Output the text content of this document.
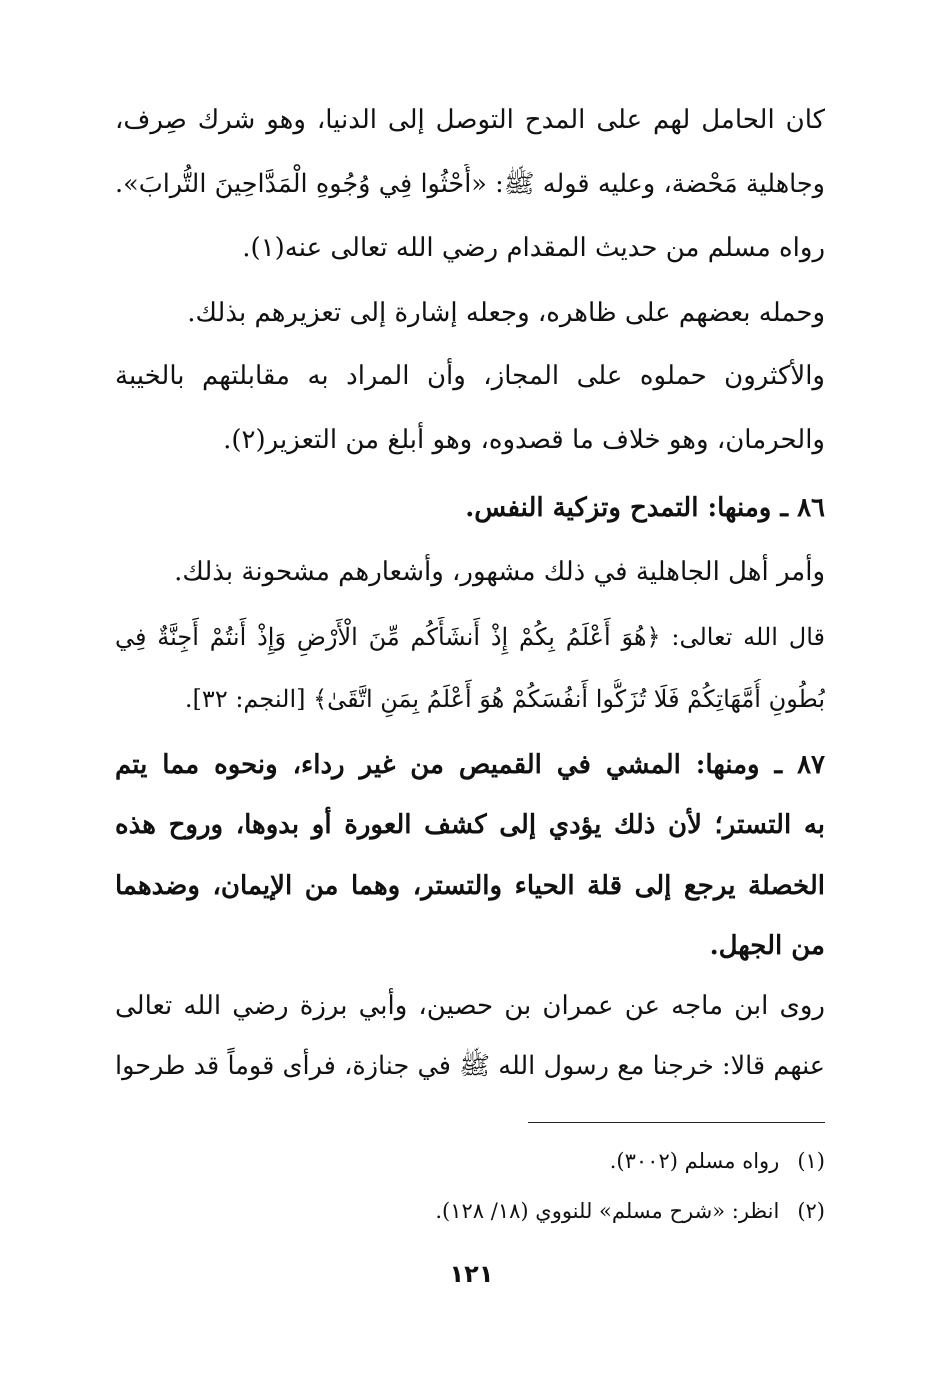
كان الحامل لهم على المدح التوصل إلى الدنيا، وهو شرك صِرف،
وجاهلية مَحْضة، وعليه قوله ﷺ: «أُحْثُوا فِي وُجُوهِ الْمَدَّاحِينَ التُّرابَ».
رواه مسلم من حديث المقدام رضي الله تعالى عنه(١).
وحمله بعضهم على ظاهره، وجعله إشارة إلى تعزيرهم بذلك.
والأكثرون حملوه على المجاز، وأن المراد به مقابلتهم بالخيبة
والحرمان، وهو خلاف ما قصدوه، وهو أبلغ من التعزير(٢).
٨٦ ـ ومنها: التمدح وتزكية النفس.
وأمر أهل الجاهلية في ذلك مشهور، وأشعارهم مشحونة بذلك.
قال الله تعالى: ﴿هُوَ أَعْلَمُ بِكُمْ إِذْ أَنشَأَكُم مِّنَ الْأَرْضِ وَإِذْ أَنتُمْ أَجِنَّةٌ فِي
بُطُونِ أُمَّهَاتِكُمْ فَلَا تُزَكُّوا أَنفُسَكُمْ هُوَ أَعْلَمُ بِمَنِ اتَّقَىٰ﴾ [النجم: ٣٢].
٨٧ ـ ومنها: المشي في القميص من غير رداء، ونحوه مما يتم
به التستر؛ لأن ذلك يؤدي إلى كشف العورة أو بدوها، وروح هذه
الخصلة يرجع إلى قلة الحياء والتستر، وهما من الإيمان، وضدهما
من الجهل.
روى ابن ماجه عن عمران بن حصين، وأبي برزة رضي الله تعالى
عنهم قالا: خرجنا مع رسول الله ﷺ في جنازة، فرأى قوماً قد طرحوا
(١)رواه مسلم (٣٠٠٢).
(٢)انظر: «شرح مسلم» للنووي (١٨/ ١٢٨).
١٢١
